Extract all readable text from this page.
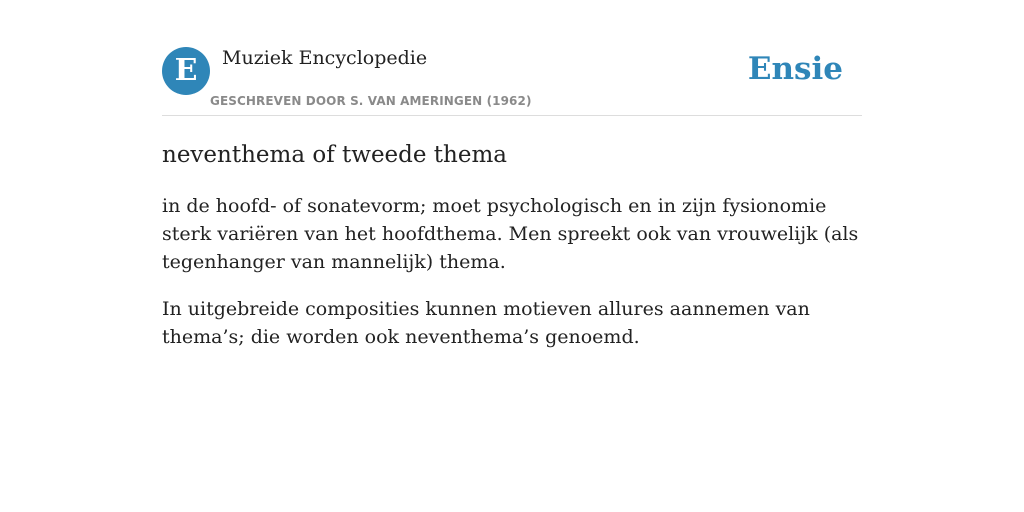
E	Muziek Encyclopedie
GESCHREVEN DOOR S. VAN AMERINGEN (1962)
Ensie
neventhema of tweede thema

in de hoofd- of sonatevorm; moet psychologisch en in zijn fysionomie sterk variëren van het hoofdthema. Men spreekt ook van vrouwelijk (als tegenhanger van mannelijk) thema.

In uitgebreide composities kunnen motieven allures aannemen van thema’s; die worden ook neventhema’s genoemd.
